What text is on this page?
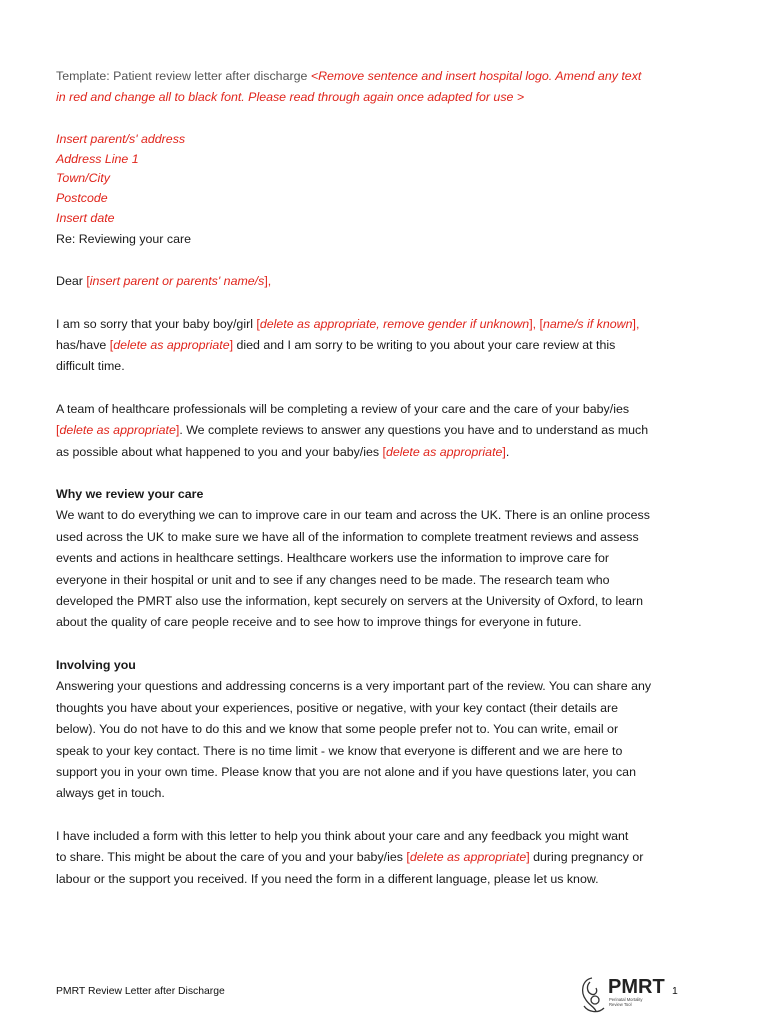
Template: Patient review letter after discharge <Remove sentence and insert hospital logo. Amend any text

in red and change all to black font. Please read through again once adapted for use >

Insert parent/s' address

Address Line 1

Town/City

Postcode

Insert date

Re: Reviewing your care

Dear [insert parent or parents' name/s],

I am so sorry that your baby boy/girl [delete as appropriate, remove gender if unknown], [name/s if known],

has/have [delete as appropriate] died and I am sorry to be writing to you about your care review at this

difficult time.

A team of healthcare professionals will be completing a review of your care and the care of your baby/ies

[delete as appropriate]. We complete reviews to answer any questions you have and to understand as much

as possible about what happened to you and your baby/ies [delete as appropriate].

Why we review your care

We want to do everything we can to improve care in our team and across the UK. There is an online process

used across the UK to make sure we have all of the information to complete treatment reviews and assess

events and actions in healthcare settings. Healthcare workers use the information to improve care for

everyone in their hospital or unit and to see if any changes need to be made. The research team who

developed the PMRT also use the information, kept securely on servers at the University of Oxford, to learn

about the quality of care people receive and to see how to improve things for everyone in future.

Involving you

Answering your questions and addressing concerns is a very important part of the review. You can share any

thoughts you have about your experiences, positive or negative, with your key contact (their details are

below). You do not have to do this and we know that some people prefer not to. You can write, email or

speak to your key contact. There is no time limit - we know that everyone is different and we are here to

support you in your own time. Please know that you are not alone and if you have questions later, you can

always get in touch.

I have included a form with this letter to help you think about your care and any feedback you might want

to share. This might be about the care of you and your baby/ies [delete as appropriate] during pregnancy or

labour or the support you received. If you need the form in a different language, please let us know.

PMRT Review Letter after Discharge	PMRT
Perinatal Mortality
Review Tool
1
